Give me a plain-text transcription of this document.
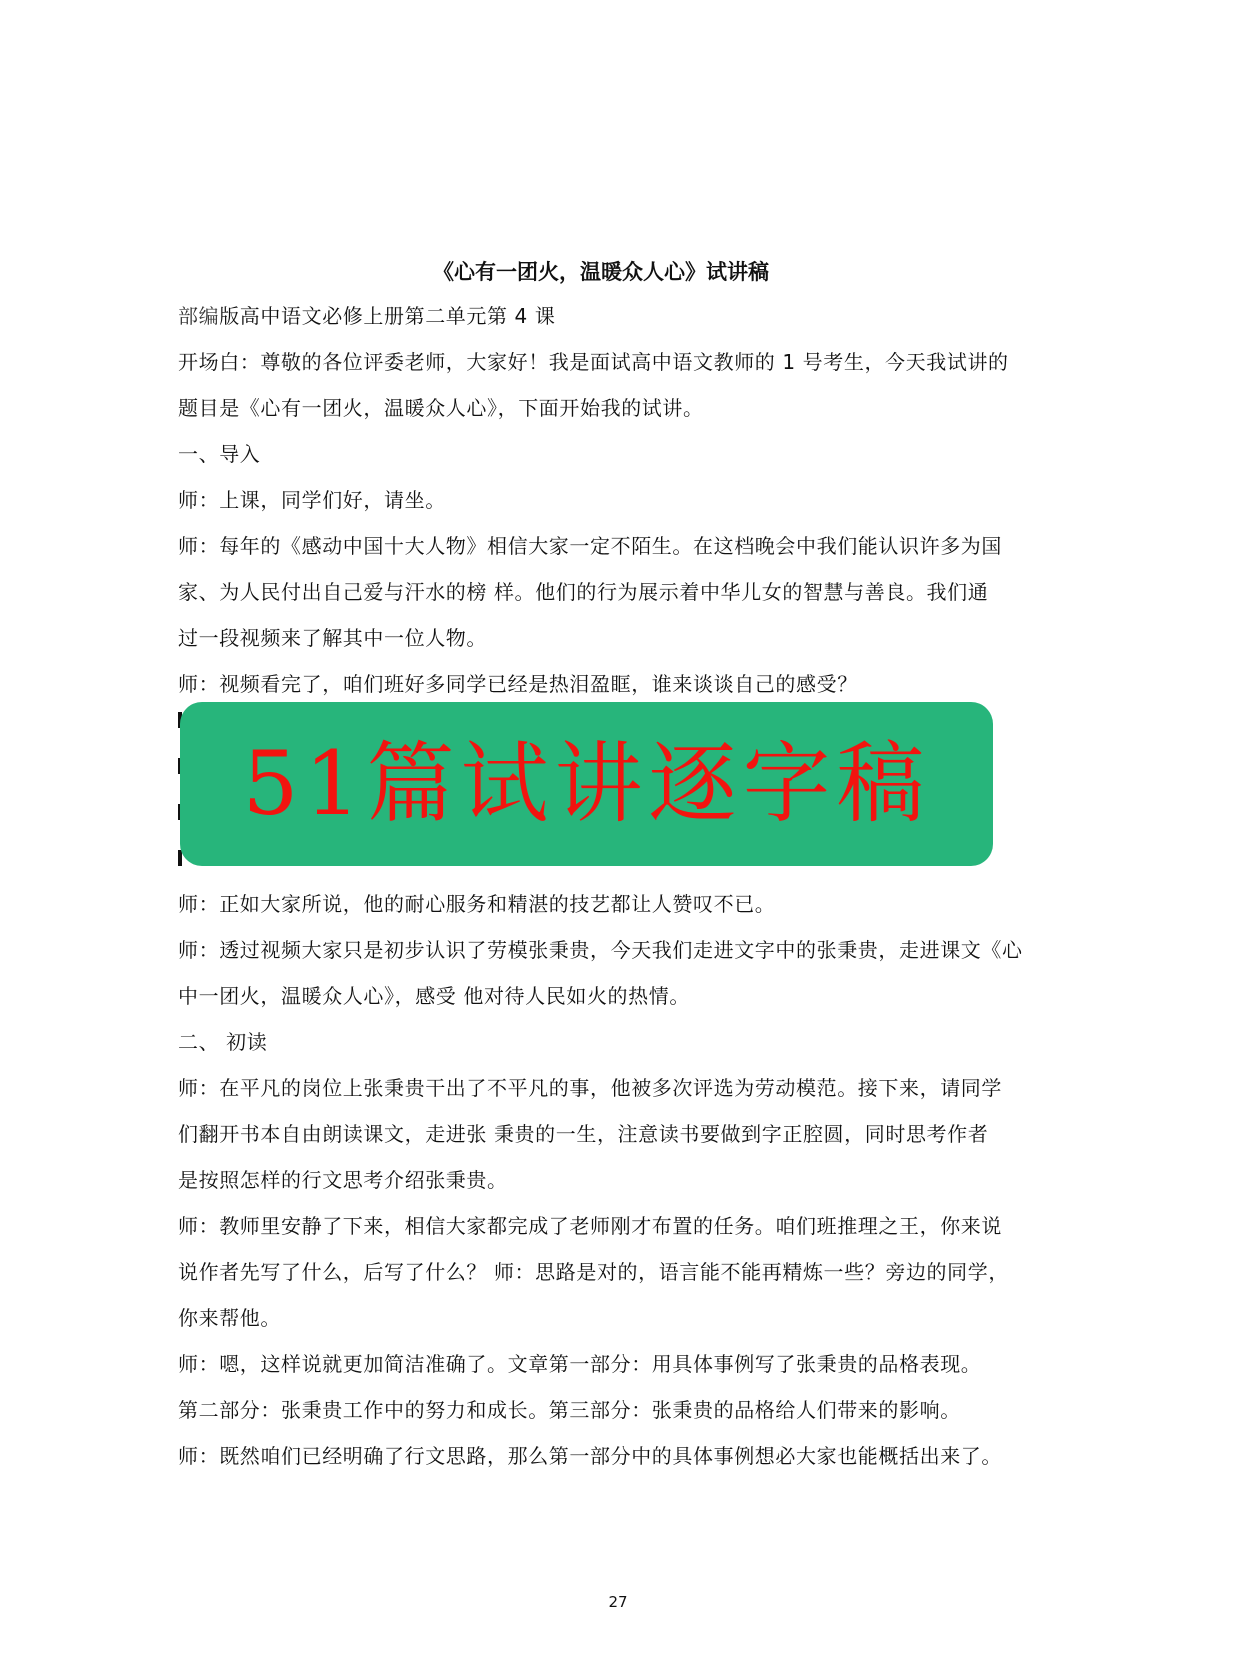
《心有一团火，温暖众人心》试讲稿
部编版高中语文必修上册第二单元第 4 课
开场白：尊敬的各位评委老师，大家好！我是面试高中语文教师的 1 号考生，今天我试讲的
题目是《心有一团火，温暖众人心》，下面开始我的试讲。
一、导入
师：上课，同学们好，请坐。
师：每年的《感动中国十大人物》相信大家一定不陌生。在这档晚会中我们能认识许多为国
家、为人民付出自己爱与汗水的榜 样。他们的行为展示着中华儿女的智慧与善良。我们通
过一段视频来了解其中一位人物。
师：视频看完了，咱们班好多同学已经是热泪盈眶，谁来谈谈自己的感受？
51篇试讲逐字稿
师：正如大家所说，他的耐心服务和精湛的技艺都让人赞叹不已。
师：透过视频大家只是初步认识了劳模张秉贵，今天我们走进文字中的张秉贵，走进课文《心
中一团火，温暖众人心》，感受 他对待人民如火的热情。
二、 初读
师：在平凡的岗位上张秉贵干出了不平凡的事，他被多次评选为劳动模范。接下来，请同学
们翻开书本自由朗读课文，走进张 秉贵的一生，注意读书要做到字正腔圆，同时思考作者
是按照怎样的行文思考介绍张秉贵。
师：教师里安静了下来，相信大家都完成了老师刚才布置的任务。咱们班推理之王，你来说
说作者先写了什么，后写了什么？ 师：思路是对的，语言能不能再精炼一些？旁边的同学，
你来帮他。
师：嗯，这样说就更加简洁准确了。文章第一部分：用具体事例写了张秉贵的品格表现。
第二部分：张秉贵工作中的努力和成长。第三部分：张秉贵的品格给人们带来的影响。
师：既然咱们已经明确了行文思路，那么第一部分中的具体事例想必大家也能概括出来了。
27
